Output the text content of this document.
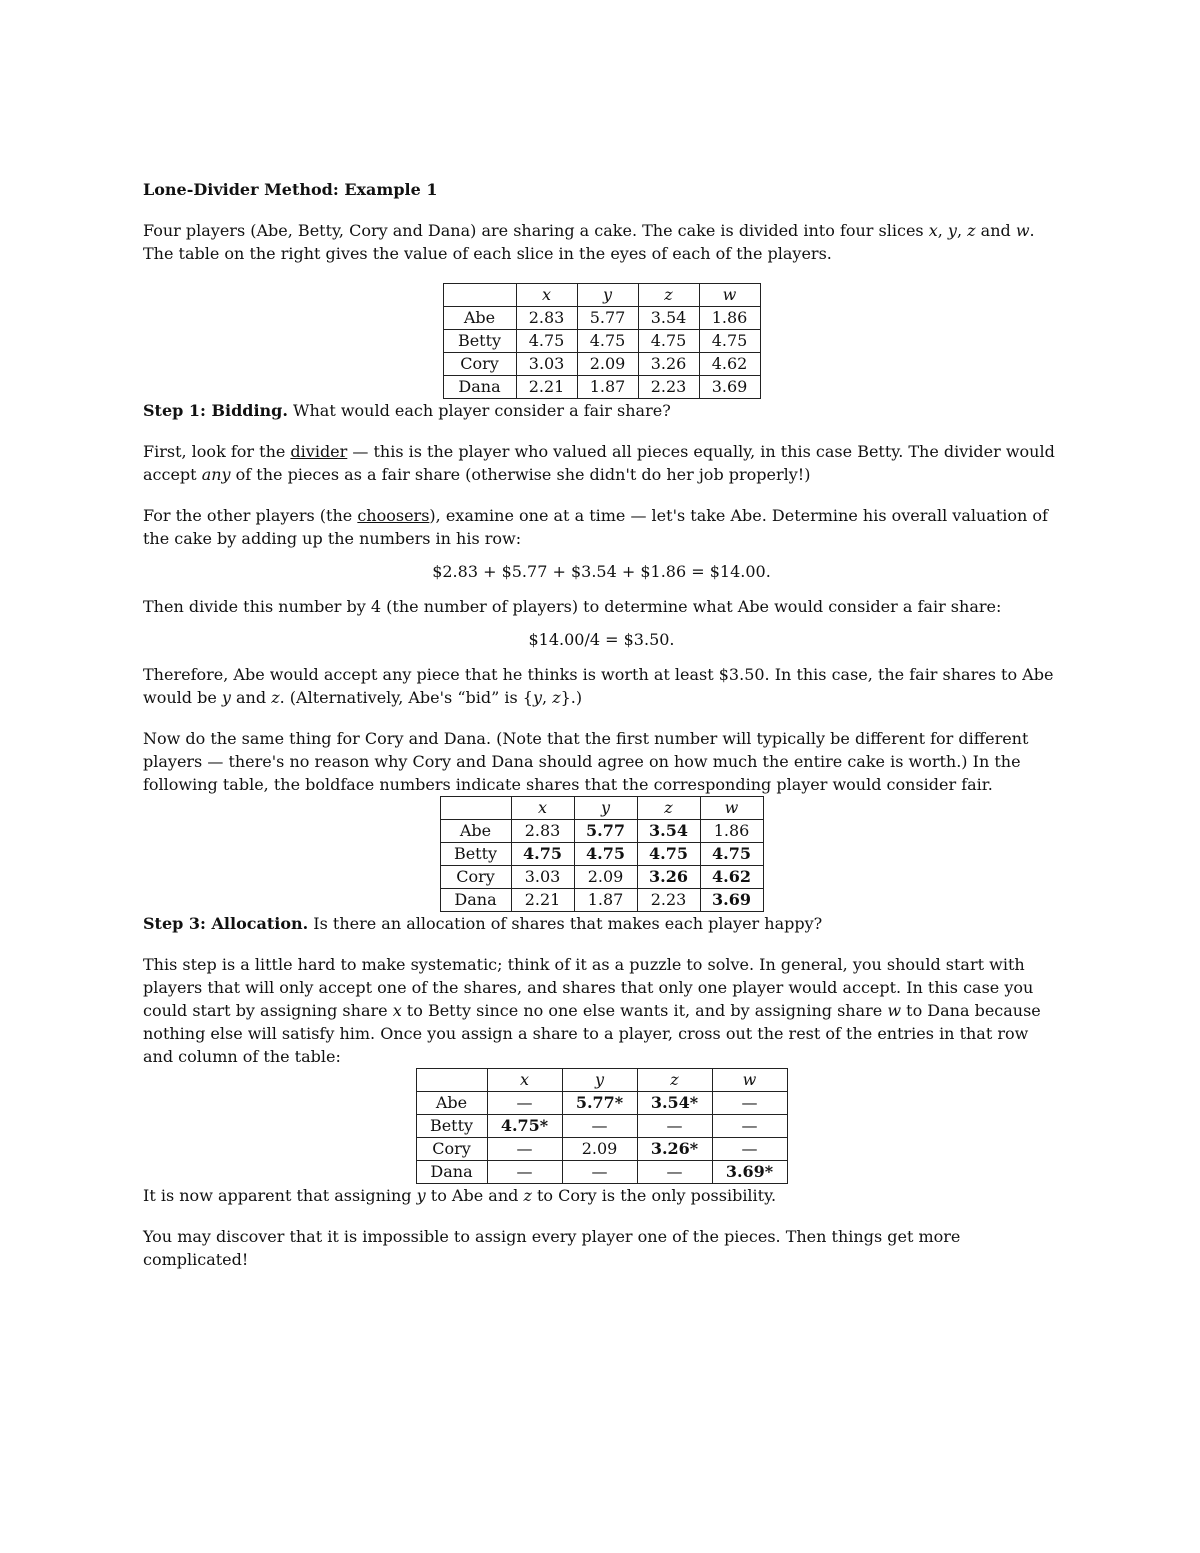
Lone-Divider Method: Example 1

Four players (Abe, Betty, Cory and Dana) are sharing a cake. The cake is divided into four slices x, y, z and w. The table on the right gives the value of each slice in the eyes of each of the players.

	x	y	z	w
Abe	2.83	5.77	3.54	1.86
Betty	4.75	4.75	4.75	4.75
Cory	3.03	2.09	3.26	4.62
Dana	2.21	1.87	2.23	3.69

Step 1: Bidding. What would each player consider a fair share?

First, look for the divider — this is the player who valued all pieces equally, in this case Betty. The divider would accept any of the pieces as a fair share (otherwise she didn't do her job properly!)

For the other players (the choosers), examine one at a time — let's take Abe. Determine his overall valuation of the cake by adding up the numbers in his row:

$2.83 + $5.77 + $3.54 + $1.86 = $14.00.

Then divide this number by 4 (the number of players) to determine what Abe would consider a fair share:

$14.00/4 = $3.50.

Therefore, Abe would accept any piece that he thinks is worth at least $3.50. In this case, the fair shares to Abe would be y and z. (Alternatively, Abe's “bid” is {y, z}.)

Now do the same thing for Cory and Dana. (Note that the first number will typically be different for different players — there's no reason why Cory and Dana should agree on how much the entire cake is worth.) In the following table, the boldface numbers indicate shares that the corresponding player would consider fair.

	x	y	z	w
Abe	2.83	5.77	3.54	1.86
Betty	4.75	4.75	4.75	4.75
Cory	3.03	2.09	3.26	4.62
Dana	2.21	1.87	2.23	3.69

Step 3: Allocation. Is there an allocation of shares that makes each player happy?

This step is a little hard to make systematic; think of it as a puzzle to solve. In general, you should start with players that will only accept one of the shares, and shares that only one player would accept. In this case you could start by assigning share x to Betty since no one else wants it, and by assigning share w to Dana because nothing else will satisfy him. Once you assign a share to a player, cross out the rest of the entries in that row and column of the table:

	x	y	z	w
Abe	—	5.77*	3.54*	—
Betty	4.75*	—	—	—
Cory	—	2.09	3.26*	—
Dana	—	—	—	3.69*

It is now apparent that assigning y to Abe and z to Cory is the only possibility.

You may discover that it is impossible to assign every player one of the pieces. Then things get more complicated!
